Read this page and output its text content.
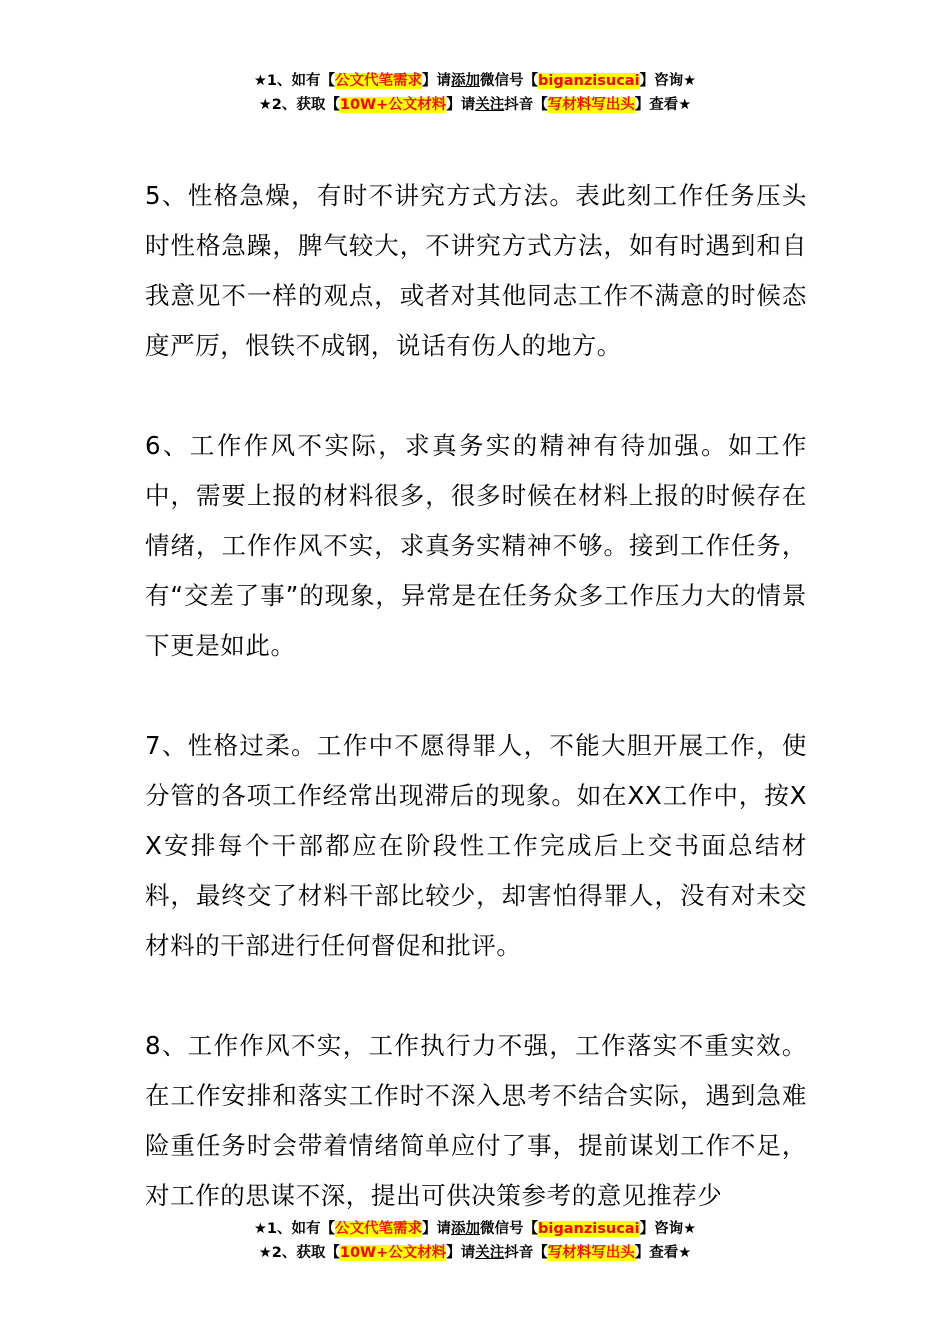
★1、如有【公文代笔需求】请添加微信号【biganzisucai】咨询★
★2、获取【10W+公文材料】请关注抖音【写材料写出头】查看★

5、性格急燥，有时不讲究方式方法。表此刻工作任务压头时性格急躁，脾气较大，不讲究方式方法，如有时遇到和自我意见不一样的观点，或者对其他同志工作不满意的时候态度严厉，恨铁不成钢，说话有伤人的地方。

6、工作作风不实际，求真务实的精神有待加强。如工作中，需要上报的材料很多，很多时候在材料上报的时候存在情绪，工作作风不实，求真务实精神不够。接到工作任务，有“交差了事”的现象，异常是在任务众多工作压力大的情景下更是如此。

7、性格过柔。工作中不愿得罪人，不能大胆开展工作，使分管的各项工作经常出现滞后的现象。如在XX工作中，按XX安排每个干部都应在阶段性工作完成后上交书面总结材料，最终交了材料干部比较少，却害怕得罪人，没有对未交材料的干部进行任何督促和批评。

8、工作作风不实，工作执行力不强，工作落实不重实效。在工作安排和落实工作时不深入思考不结合实际，遇到急难险重任务时会带着情绪简单应付了事，提前谋划工作不足，对工作的思谋不深，提出可供决策参考的意见推荐少

★1、如有【公文代笔需求】请添加微信号【biganzisucai】咨询★
★2、获取【10W+公文材料】请关注抖音【写材料写出头】查看★
